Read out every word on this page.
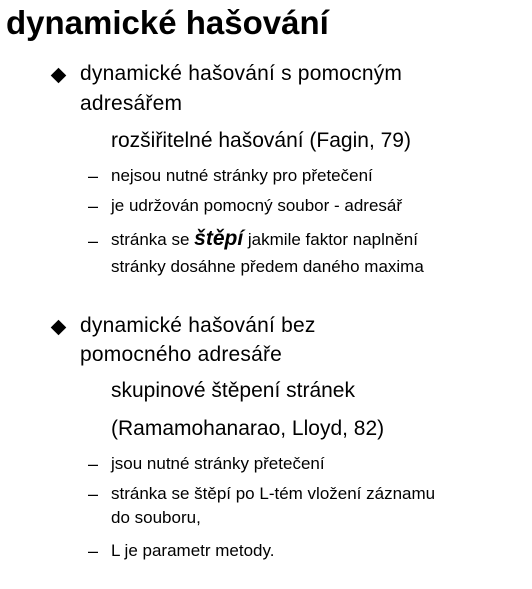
dynamické hašování
dynamické hašování s pomocným
adresářem
rozšiřitelné hašování (Fagin, 79)
– nejsou nutné stránky pro přetečení
– je udržován pomocný soubor - adresář
– stránka se štěpí jakmile faktor naplnění
stránky dosáhne předem daného maxima
dynamické hašování bez
pomocného adresáře
skupinové štěpení stránek
(Ramamohanarao, Lloyd, 82)
– jsou nutné stránky přetečení
– stránka se štěpí po L-tém vložení záznamu
do souboru,
– L je parametr metody.
